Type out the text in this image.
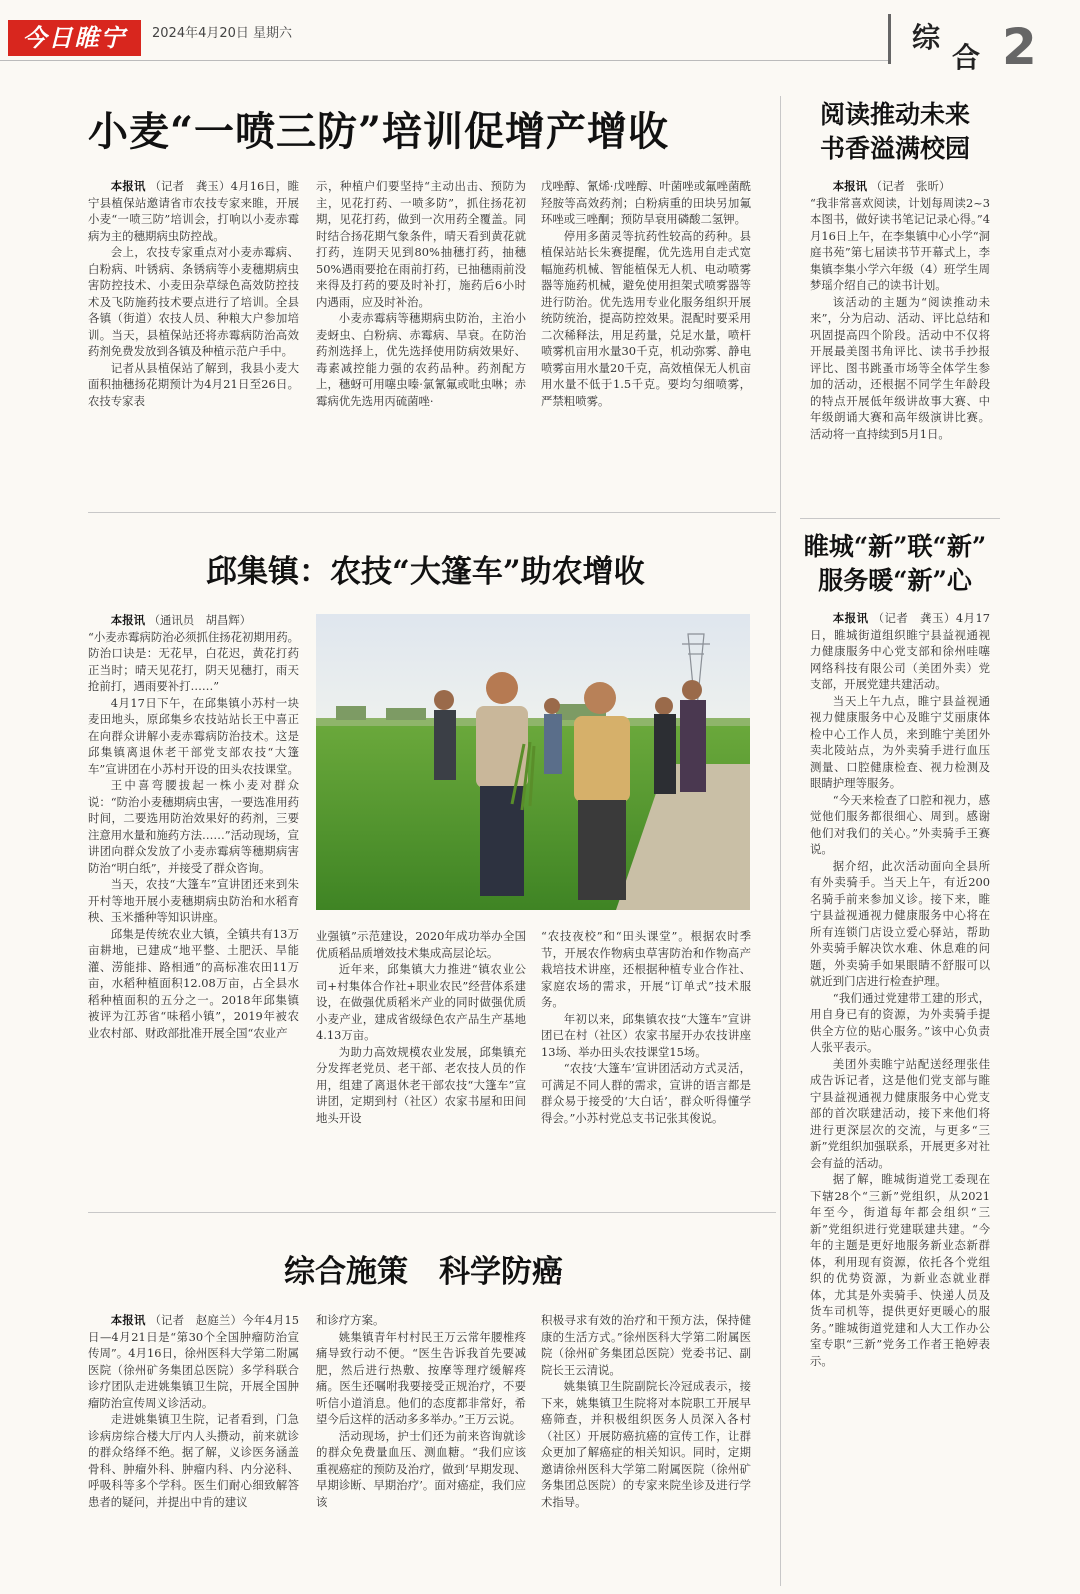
今日睢宁	2024年4月20日 星期六	综
合 2
小麦“一喷三防”培训促增产增收

本报讯 （记者　龚玉）4月16日，睢宁县植保站邀请省市农技专家来睢，开展小麦“一喷三防”培训会，打响以小麦赤霉病为主的穗期病虫防控战。

会上，农技专家重点对小麦赤霉病、白粉病、叶锈病、条锈病等小麦穗期病虫害防控技术、小麦田杂草绿色高效防控技术及飞防施药技术要点进行了培训。全县各镇（街道）农技人员、种粮大户参加培训。当天，县植保站还将赤霉病防治高效药剂免费发放到各镇及种植示范户手中。

记者从县植保站了解到，我县小麦大面积抽穗扬花期预计为4月21日至26日。农技专家表

示，种植户们要坚持“主动出击、预防为主，见花打药、一喷多防”，抓住扬花初期，见花打药，做到一次用药全覆盖。同时结合扬花期气象条件，晴天看到黄花就打药，连阴天见到80%抽穗打药，抽穗50%遇雨要抢在雨前打药，已抽穗雨前没来得及打药的要及时补打，施药后6小时内遇雨，应及时补治。

小麦赤霉病等穗期病虫防治，主治小麦蚜虫、白粉病、赤霉病、旱衰。在防治药剂选择上，优先选择使用防病效果好、毒素减控能力强的农药品种。药剂配方上，穗蚜可用噻虫嗪·氯氰氟或吡虫啉；赤霉病优先选用丙硫菌唑·

戊唑醇、氰烯·戊唑醇、叶菌唑或氟唑菌酰羟胺等高效药剂；白粉病重的田块另加氟环唑或三唑酮；预防旱衰用磷酸二氢钾。

停用多菌灵等抗药性较高的药种。县植保站站长朱赛提醒，优先选用自走式宽幅施药机械、智能植保无人机、电动喷雾器等施药机械，避免使用担架式喷雾器等进行防治。优先选用专业化服务组织开展统防统治，提高防控效果。混配时要采用二次稀释法，用足药量，兑足水量，喷杆喷雾机亩用水量30千克，机动弥雾、静电喷雾亩用水量20千克，高效植保无人机亩用水量不低于1.5千克。要均匀细喷雾，严禁粗喷雾。

邱集镇：农技“大篷车”助农增收

本报讯 （通讯员　胡昌辉）

“小麦赤霉病防治必须抓住扬花初期用药。防治口诀是：无花早，白花迟，黄花打药正当时；晴天见花打，阴天见穗打，雨天抢前打，遇雨要补打……”

4月17日下午，在邱集镇小苏村一块麦田地头，原邱集乡农技站站长王中喜正在向群众讲解小麦赤霉病防治技术。这是邱集镇离退休老干部党支部农技“大篷车”宣讲团在小苏村开设的田头农技课堂。

王中喜弯腰拔起一株小麦对群众说：“防治小麦穗期病虫害，一要选准用药时间，二要选用防治效果好的药剂，三要注意用水量和施药方法……”活动现场，宣讲团向群众发放了小麦赤霉病等穗期病害防治“明白纸”，并接受了群众咨询。

当天，农技“大篷车”宣讲团还来到朱开村等地开展小麦穗期病虫防治和水稻育秧、玉米播种等知识讲座。

邱集是传统农业大镇，全镇共有13万亩耕地，已建成“地平整、土肥沃、旱能灌、涝能排、路相通”的高标准农田11万亩，水稻种植面积12.08万亩，占全县水稻种植面积的五分之一。2018年邱集镇被评为江苏省“味稻小镇”，2019年被农业农村部、财政部批准开展全国“农业产

业强镇”示范建设，2020年成功举办全国优质稻品质增效技术集成高层论坛。

近年来，邱集镇大力推进“镇农业公司+村集体合作社+职业农民”经营体系建设，在做强优质稻米产业的同时做强优质小麦产业，建成省级绿色农产品生产基地4.13万亩。

为助力高效规模农业发展，邱集镇充分发挥老党员、老干部、老农技人员的作用，组建了离退休老干部农技“大篷车”宣讲团，定期到村（社区）农家书屋和田间地头开设

“农技夜校”和“田头课堂”。根据农时季节，开展农作物病虫草害防治和作物高产栽培技术讲座，还根据种植专业合作社、家庭农场的需求，开展“订单式”技术服务。

年初以来，邱集镇农技“大篷车”宣讲团已在村（社区）农家书屋开办农技讲座13场、举办田头农技课堂15场。

“农技‘大篷车’宣讲团活动方式灵活，可满足不同人群的需求，宣讲的语言都是群众易于接受的‘大白话’，群众听得懂学得会。”小苏村党总支书记张其俊说。

综合施策　科学防癌

本报讯 （记者　赵庭兰）今年4月15日—4月21日是“第30个全国肿瘤防治宣传周”。4月16日，徐州医科大学第二附属医院（徐州矿务集团总医院）多学科联合诊疗团队走进姚集镇卫生院，开展全国肿瘤防治宣传周义诊活动。

走进姚集镇卫生院，记者看到，门急诊病房综合楼大厅内人头攒动，前来就诊的群众络绎不绝。据了解，义诊医务涵盖骨科、肿瘤外科、肿瘤内科、内分泌科、呼吸科等多个学科。医生们耐心细致解答患者的疑问，并提出中肯的建议

和诊疗方案。

姚集镇青年村村民王万云常年腰椎疼痛导致行动不便。“医生告诉我首先要减肥，然后进行热敷、按摩等理疗缓解疼痛。医生还嘱咐我要接受正规治疗，不要听信小道消息。他们的态度都非常好，希望今后这样的活动多多举办。”王万云说。

活动现场，护士们还为前来咨询就诊的群众免费量血压、测血糖。“我们应该重视癌症的预防及治疗，做到‘早期发现、早期诊断、早期治疗’。面对癌症，我们应该

积极寻求有效的治疗和干预方法，保持健康的生活方式。”徐州医科大学第二附属医院（徐州矿务集团总医院）党委书记、副院长王云清说。

姚集镇卫生院副院长冷冠成表示，接下来，姚集镇卫生院将对本院职工开展早癌筛查，并积极组织医务人员深入各村（社区）开展防癌抗癌的宣传工作，让群众更加了解癌症的相关知识。同时，定期邀请徐州医科大学第二附属医院（徐州矿务集团总医院）的专家来院坐诊及进行学术指导。

阅读推动未来
书香溢满校园

本报讯 （记者　张昕）

“我非常喜欢阅读，计划每周读2~3本图书，做好读书笔记记录心得。”4月16日上午，在李集镇中心小学“洞庭书苑”第七届读书节开幕式上，李集镇李集小学六年级（4）班学生周梦瑶介绍自己的读书计划。

该活动的主题为“阅读推动未来”，分为启动、活动、评比总结和巩固提高四个阶段。活动中不仅将开展最美图书角评比、读书手抄报评比、图书跳蚤市场等全体学生参加的活动，还根据不同学生年龄段的特点开展低年级讲故事大赛、中年级朗诵大赛和高年级演讲比赛。活动将一直持续到5月1日。

睢城“新”联“新”
服务暖“新”心

本报讯 （记者　龚玉）4月17日，睢城街道组织睢宁县益视通视力健康服务中心党支部和徐州哇噻网络科技有限公司（美团外卖）党支部，开展党建共建活动。

当天上午九点，睢宁县益视通视力健康服务中心及睢宁艾丽康体检中心工作人员，来到睢宁美团外卖北陵站点，为外卖骑手进行血压测量、口腔健康检查、视力检测及眼睛护理等服务。

“今天来检查了口腔和视力，感觉他们服务都很细心、周到。感谢他们对我们的关心。”外卖骑手王赛说。

据介绍，此次活动面向全县所有外卖骑手。当天上午，有近200名骑手前来参加义诊。接下来，睢宁县益视通视力健康服务中心将在所有连锁门店设立爱心驿站，帮助外卖骑手解决饮水难、休息难的问题，外卖骑手如果眼睛不舒服可以就近到门店进行检查护理。

“我们通过党建带工建的形式，用自身已有的资源，为外卖骑手提供全方位的贴心服务。”该中心负责人张平表示。

美团外卖睢宁站配送经理张佳成告诉记者，这是他们党支部与睢宁县益视通视力健康服务中心党支部的首次联建活动，接下来他们将进行更深层次的交流，与更多“三新”党组织加强联系，开展更多对社会有益的活动。

据了解，睢城街道党工委现在下辖28个“三新”党组织，从2021年至今，街道每年都会组织“三新”党组织进行党建联建共建。“今年的主题是更好地服务新业态新群体，利用现有资源，依托各个党组织的优势资源，为新业态就业群体，尤其是外卖骑手、快递人员及货车司机等，提供更好更暖心的服务。”睢城街道党建和人大工作办公室专职“三新”党务工作者王艳婷表示。
